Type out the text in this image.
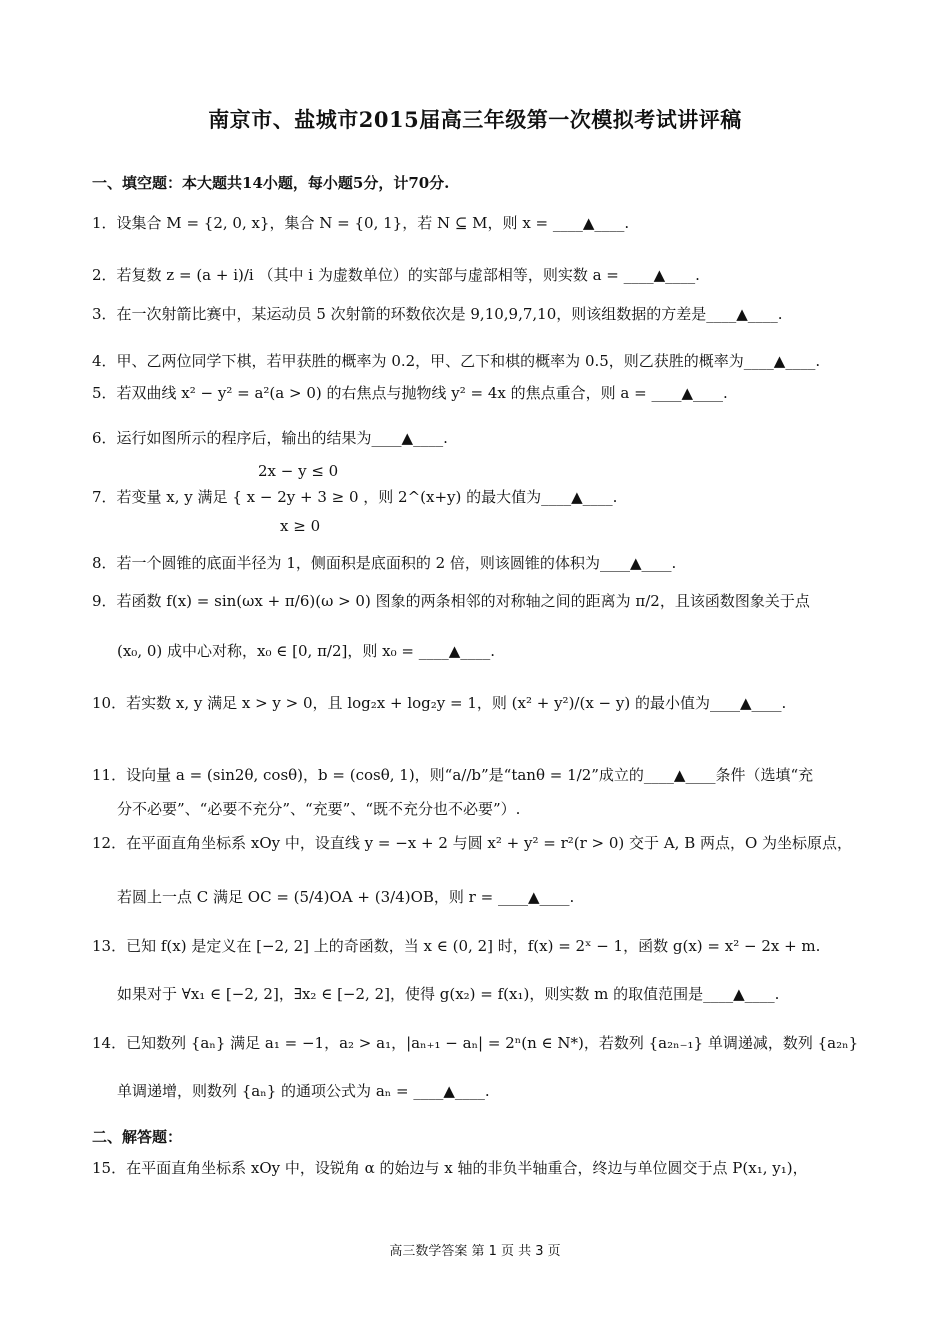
南京市、盐城市2015届高三年级第一次模拟考试讲评稿
一、填空题：本大题共14小题，每小题5分，计70分.
1．设集合 M = {2, 0, x}，集合 N = {0, 1}，若 N ⊆ M，则 x = ____▲____.
2．若复数 z = (a + i)/i （其中 i 为虚数单位）的实部与虚部相等，则实数 a = ____▲____.
3．在一次射箭比赛中，某运动员 5 次射箭的环数依次是 9,10,9,7,10，则该组数据的方差是____▲____.
4．甲、乙两位同学下棋，若甲获胜的概率为 0.2，甲、乙下和棋的概率为 0.5，则乙获胜的概率为____▲____.
5．若双曲线 x² − y² = a²(a > 0) 的右焦点与抛物线 y² = 4x 的焦点重合，则 a = ____▲____.
6．运行如图所示的程序后，输出的结果为____▲____.
2x − y ≤ 0
7．若变量 x, y 满足 { x − 2y + 3 ≥ 0 ，则 2^(x+y) 的最大值为____▲____.
x ≥ 0
8．若一个圆锥的底面半径为 1，侧面积是底面积的 2 倍，则该圆锥的体积为____▲____.
9．若函数 f(x) = sin(ωx + π/6)(ω > 0) 图象的两条相邻的对称轴之间的距离为 π/2，且该函数图象关于点
(x₀, 0) 成中心对称，x₀ ∈ [0, π/2]，则 x₀ = ____▲____.
10．若实数 x, y 满足 x > y > 0，且 log₂x + log₂y = 1，则 (x² + y²)/(x − y) 的最小值为____▲____.
11．设向量 a = (sin2θ, cosθ)，b = (cosθ, 1)，则“a//b”是“tanθ = 1/2”成立的____▲____条件（选填“充
分不必要”、“必要不充分”、“充要”、“既不充分也不必要”）.
12．在平面直角坐标系 xOy 中，设直线 y = −x + 2 与圆 x² + y² = r²(r > 0) 交于 A, B 两点，O 为坐标原点，
若圆上一点 C 满足 OC = (5/4)OA + (3/4)OB，则 r = ____▲____.
13．已知 f(x) 是定义在 [−2, 2] 上的奇函数，当 x ∈ (0, 2] 时，f(x) = 2ˣ − 1，函数 g(x) = x² − 2x + m.
如果对于 ∀x₁ ∈ [−2, 2]，∃x₂ ∈ [−2, 2]，使得 g(x₂) = f(x₁)，则实数 m 的取值范围是____▲____.
14．已知数列 {aₙ} 满足 a₁ = −1，a₂ > a₁，|aₙ₊₁ − aₙ| = 2ⁿ(n ∈ N*)，若数列 {a₂ₙ₋₁} 单调递减，数列 {a₂ₙ}
单调递增，则数列 {aₙ} 的通项公式为 aₙ = ____▲____.
二、解答题：
15．在平面直角坐标系 xOy 中，设锐角 α 的始边与 x 轴的非负半轴重合，终边与单位圆交于点 P(x₁, y₁)，
高三数学答案 第 1 页 共 3 页
